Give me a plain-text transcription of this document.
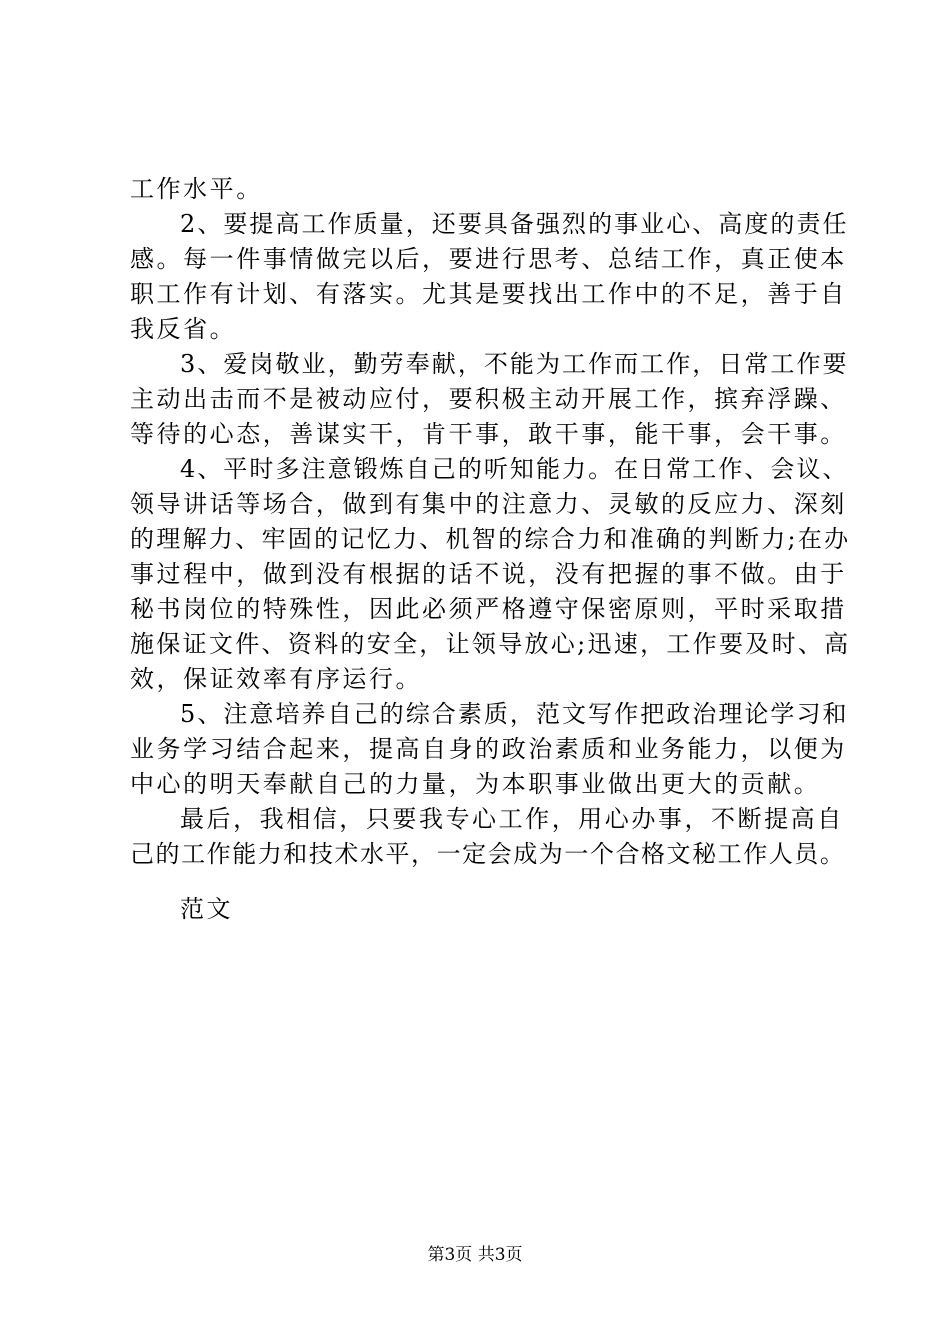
工作水平。
2、要提高工作质量，还要具备强烈的事业心、高度的责任
感。每一件事情做完以后，要进行思考、总结工作，真正使本
职工作有计划、有落实。尤其是要找出工作中的不足，善于自
我反省。
3、爱岗敬业，勤劳奉献，不能为工作而工作，日常工作要
主动出击而不是被动应付，要积极主动开展工作，摈弃浮躁、
等待的心态，善谋实干，肯干事，敢干事，能干事，会干事。
4、平时多注意锻炼自己的听知能力。在日常工作、会议、
领导讲话等场合，做到有集中的注意力、灵敏的反应力、深刻
的理解力、牢固的记忆力、机智的综合力和准确的判断力;在办
事过程中，做到没有根据的话不说，没有把握的事不做。由于
秘书岗位的特殊性，因此必须严格遵守保密原则，平时采取措
施保证文件、资料的安全，让领导放心;迅速，工作要及时、高
效，保证效率有序运行。
5、注意培养自己的综合素质，范文写作把政治理论学习和
业务学习结合起来，提高自身的政治素质和业务能力，以便为
中心的明天奉献自己的力量，为本职事业做出更大的贡献。
最后，我相信，只要我专心工作，用心办事，不断提高自
己的工作能力和技术水平，一定会成为一个合格文秘工作人员。
范文
第3页 共3页
